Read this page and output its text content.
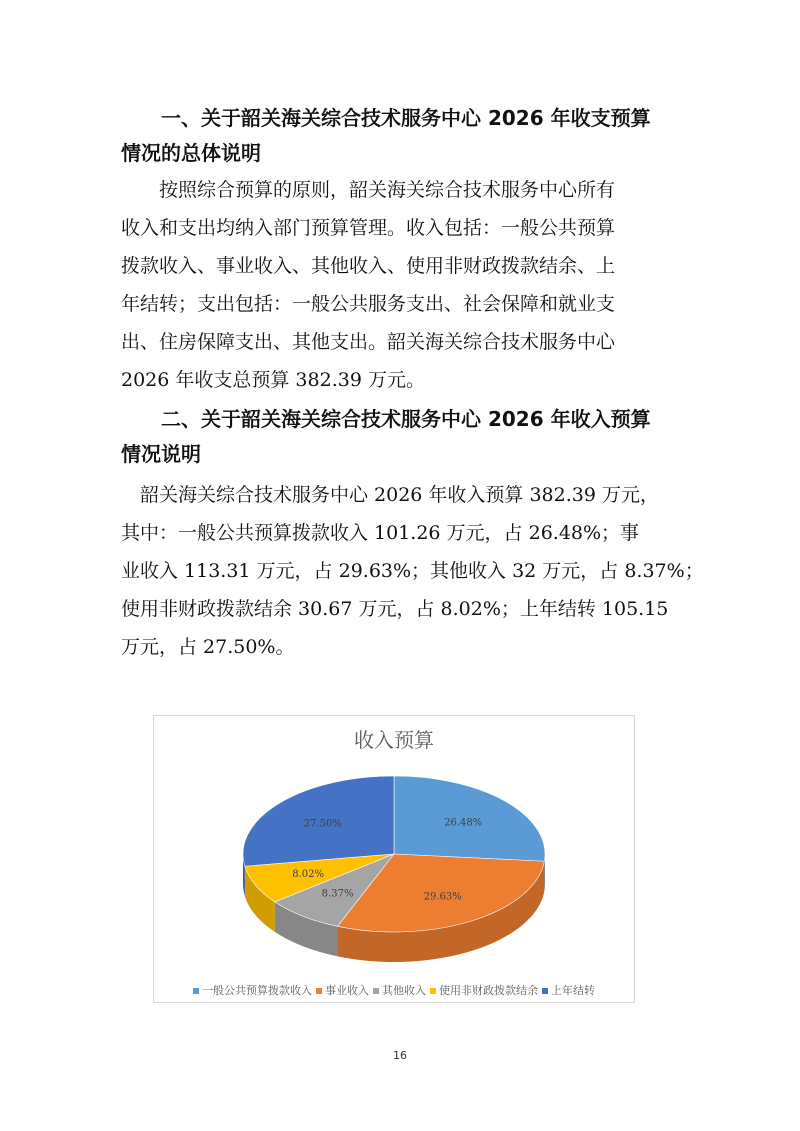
一、关于韶关海关综合技术服务中心 2026 年收支预算
情况的总体说明

　　按照综合预算的原则，韶关海关综合技术服务中心所有
收入和支出均纳入部门预算管理。收入包括：一般公共预算
拨款收入、事业收入、其他收入、使用非财政拨款结余、上
年结转；支出包括：一般公共服务支出、社会保障和就业支
出、住房保障支出、其他支出。韶关海关综合技术服务中心
2026 年收支总预算 382.39 万元。

二、关于韶关海关综合技术服务中心 2026 年收入预算
情况说明

　韶关海关综合技术服务中心 2026 年收入预算 382.39 万元，
其中：一般公共预算拨款收入 101.26 万元，占 26.48%；事
业收入 113.31 万元，占 29.63%；其他收入 32 万元，占 8.37%；
使用非财政拨款结余 30.67 万元，占 8.02%；上年结转 105.15
万元，占 27.50%。

收入预算
26.48%
29.63%
8.37%
8.02%
27.50%
一般公共预算拨款收入 事业收入 其他收入 使用非财政拨款结余 上年结转
16
